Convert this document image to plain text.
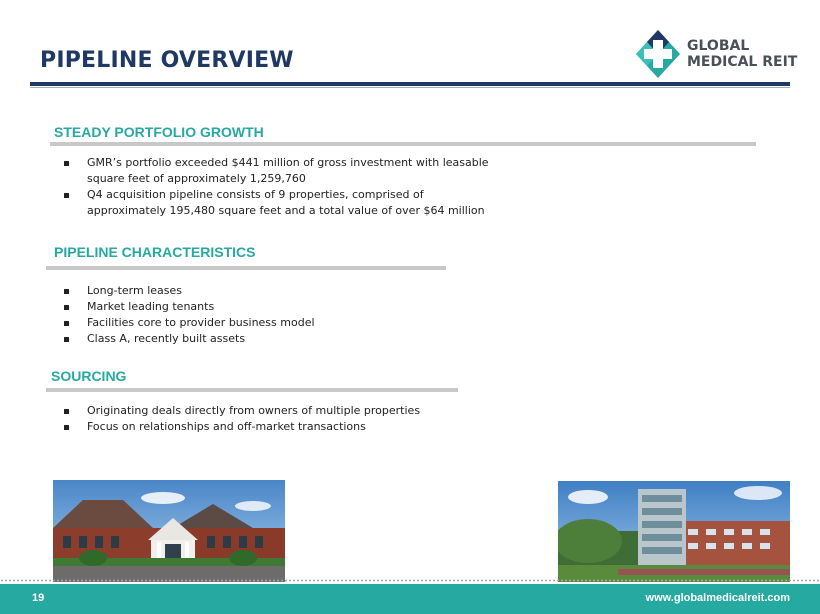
PIPELINE OVERVIEW
GLOBAL
MEDICAL REIT
STEADY PORTFOLIO GROWTH
GMR’s portfolio exceeded $441 million of gross investment with leasable
square feet of approximately 1,259,760
Q4 acquisition pipeline consists of 9 properties, comprised of
approximately 195,480 square feet and a total value of over $64 million
PIPELINE CHARACTERISTICS
Long-term leases
Market leading tenants
Facilities core to provider business model
Class A, recently built assets
SOURCING
Originating deals directly from owners of multiple properties
Focus on relationships and off-market transactions
19	www.globalmedicalreit.com
